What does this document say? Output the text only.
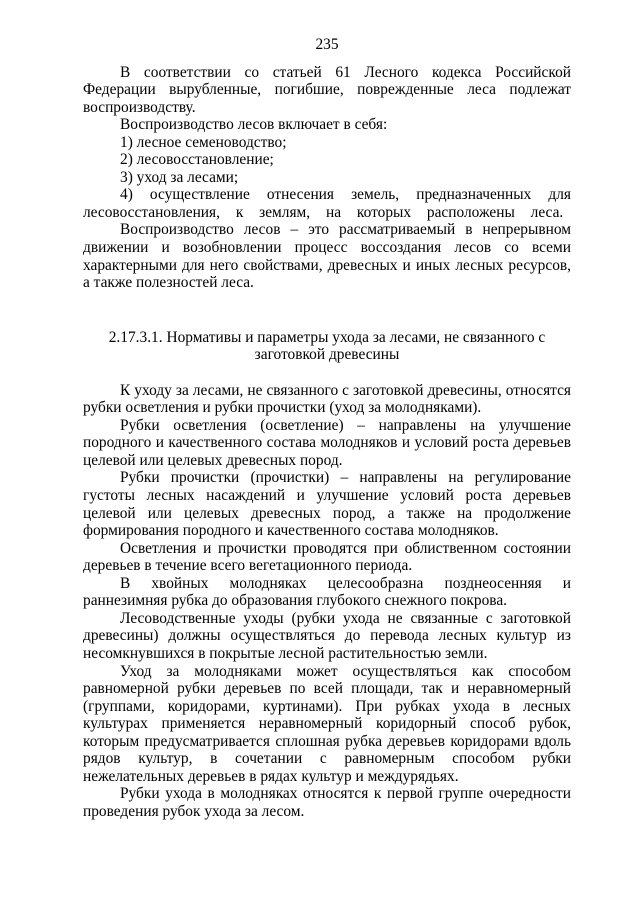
235

В соответствии со статьей 61 Лесного кодекса Российской Федерации вырубленные, погибшие, поврежденные леса подлежат воспроизводству.

Воспроизводство лесов включает в себя:

1) лесное семеноводство;

2) лесовосстановление;

3) уход за лесами;

4) осуществление отнесения земель, предназначенных для лесовосстановления, к землям, на которых расположены леса.

Воспроизводство лесов – это рассматриваемый в непрерывном движении и возобновлении процесс воссоздания лесов со всеми характерными для него свойствами, древесных и иных лесных ресурсов, а также полезностей леса.

2.17.3.1. Нормативы и параметры ухода за лесами, не связанного с
заготовкой древесины

К уходу за лесами, не связанного с заготовкой древесины, относятся рубки осветления и рубки прочистки (уход за молодняками).

Рубки осветления (осветление) – направлены на улучшение породного и качественного состава молодняков и условий роста деревьев целевой или целевых древесных пород.

Рубки прочистки (прочистки) – направлены на регулирование густоты лесных насаждений и улучшение условий роста деревьев целевой или целевых древесных пород, а также на продолжение формирования породного и качественного состава молодняков.

Осветления и прочистки проводятся при облиственном состоянии деревьев в течение всего вегетационного периода.

В хвойных молодняках целесообразна позднеосенняя и раннезимняя рубка до образования глубокого снежного покрова.

Лесоводственные уходы (рубки ухода не связанные с заготовкой древесины) должны осуществляться до перевода лесных культур из несомкнувшихся в покрытые лесной растительностью земли.

Уход за молодняками может осуществляться как способом равномерной рубки деревьев по всей площади, так и неравномерный (группами, коридорами, куртинами). При рубках ухода в лесных культурах применяется неравномерный коридорный способ рубок, которым предусматривается сплошная рубка деревьев коридорами вдоль рядов культур, в сочетании с равномерным способом рубки нежелательных деревьев в рядах культур и междурядьях.

Рубки ухода в молодняках относятся к первой группе очередности проведения рубок ухода за лесом.
